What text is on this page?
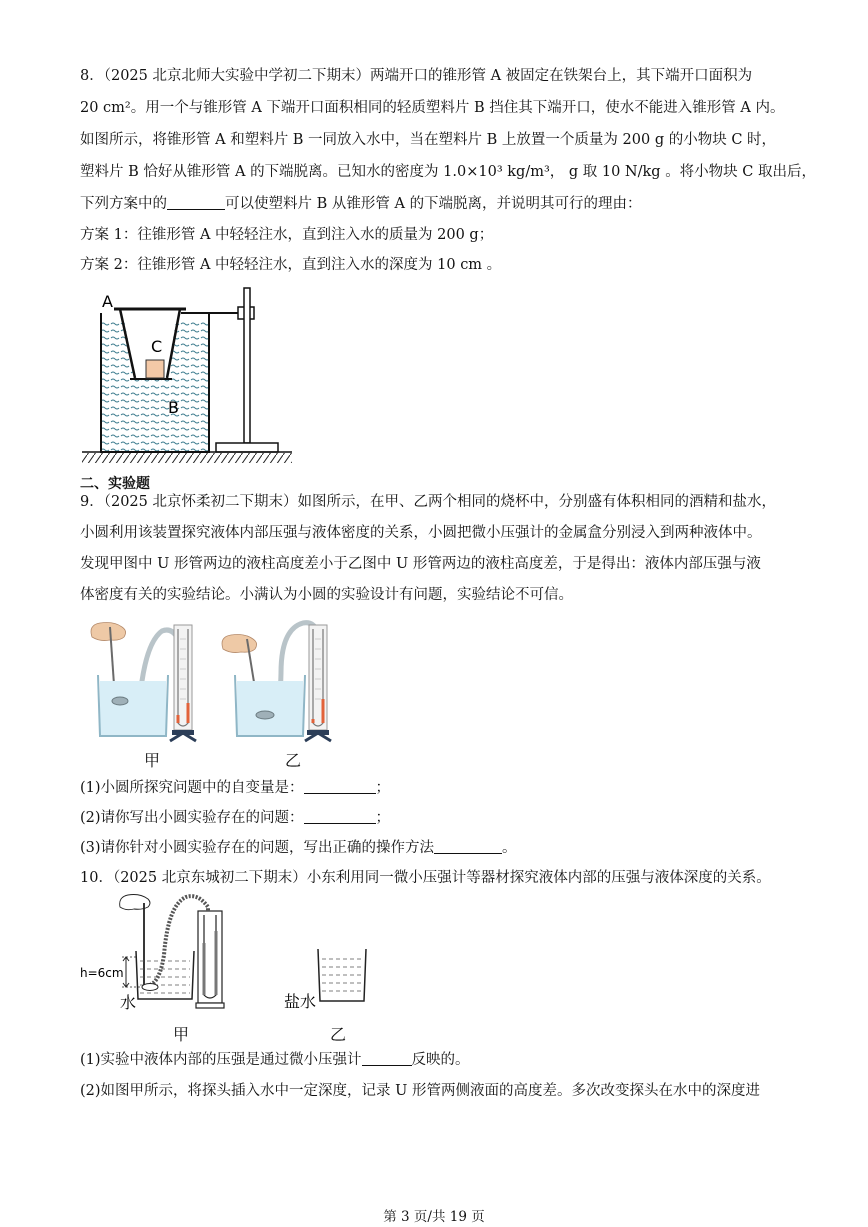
8．（2025 北京北师大实验中学初二下期末）两端开口的锥形管 A 被固定在铁架台上，其下端开口面积为
20 cm²。用一个与锥形管 A 下端开口面积相同的轻质塑料片 B 挡住其下端开口，使水不能进入锥形管 A 内。
如图所示，将锥形管 A 和塑料片 B 一同放入水中，当在塑料片 B 上放置一个质量为 200 g 的小物块 C 时，
塑料片 B 恰好从锥形管 A 的下端脱离。已知水的密度为 1.0×10³ kg/m³， g 取 10 N/kg 。将小物块 C 取出后，
下列方案中的	可以使塑料片 B 从锥形管 A 的下端脱离，并说明其可行的理由：
方案 1：往锥形管 A 中轻轻注水，直到注入水的质量为 200 g；
方案 2：往锥形管 A 中轻轻注水，直到注入水的深度为 10 cm 。
A
C
B
二、实验题
9．（2025 北京怀柔初二下期末）如图所示，在甲、乙两个相同的烧杯中，分别盛有体积相同的酒精和盐水，
小圆利用该装置探究液体内部压强与液体密度的关系，小圆把微小压强计的金属盒分别浸入到两种液体中。
发现甲图中 U 形管两边的液柱高度差小于乙图中 U 形管两边的液柱高度差，于是得出：液体内部压强与液
体密度有关的实验结论。小满认为小圆的实验设计有问题，实验结论不可信。
甲	乙
(1)小圆所探究问题中的自变量是：	；
(2)请你写出小圆实验存在的问题：	；
(3)请你针对小圆实验存在的问题，写出正确的操作方法	。
10．（2025 北京东城初二下期末）小东利用同一微小压强计等器材探究液体内部的压强与液体深度的关系。
h=6cm
水
甲
盐水
乙
(1)实验中液体内部的压强是通过微小压强计	反映的。
(2)如图甲所示，将探头插入水中一定深度，记录 U 形管两侧液面的高度差。多次改变探头在水中的深度进
第 3 页/共 19 页
